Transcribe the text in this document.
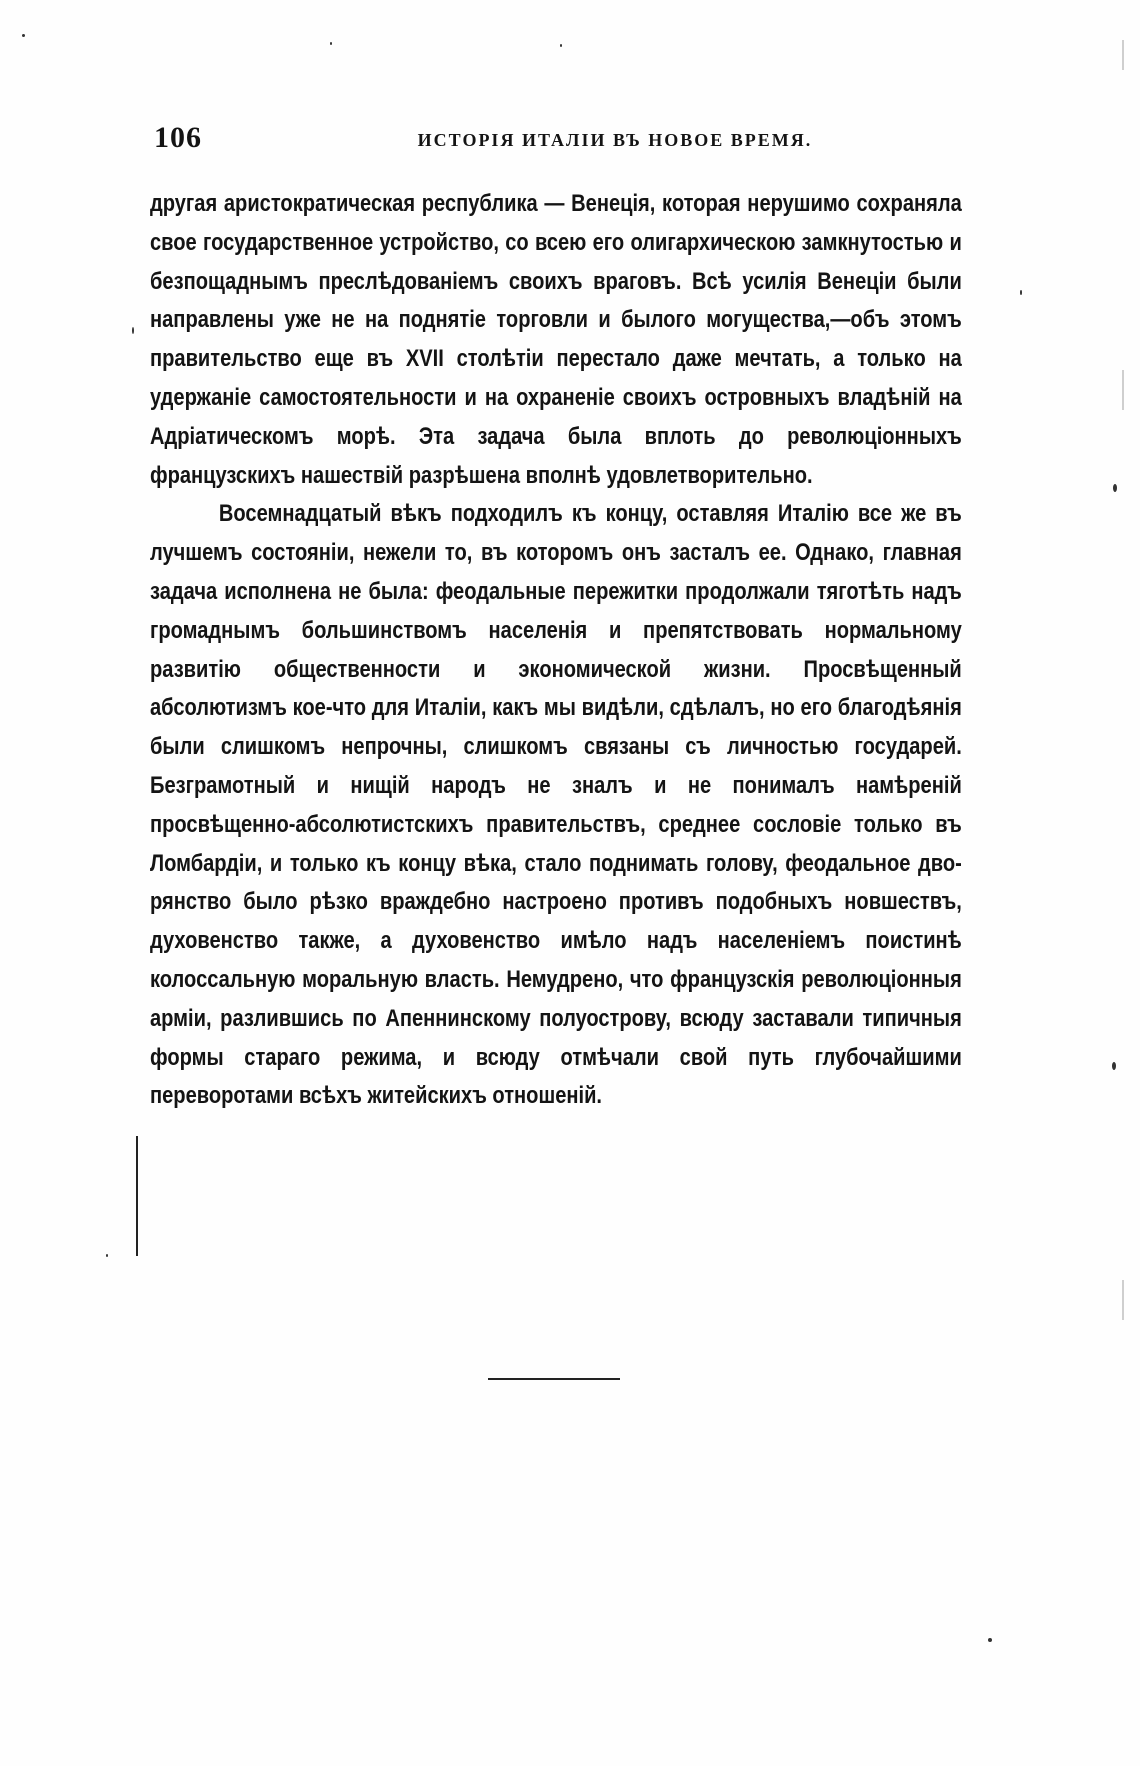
106	ИСТОРІЯ ИТАЛІИ ВЪ НОВОЕ ВРЕМЯ.

другая аристократическая республика — Венеція, которая нерушимо сохраняла свое государственное устройство, со всею его олигархическою замкнутостью и безпощаднымъ преслѣдованіемъ своихъ враговъ. Всѣ усилія Венеціи были направлены уже не на поднятіе торговли и былого могущества,—объ этомъ правительство еще въ XVII столѣтіи перестало даже мечтать, а только на удержаніе самостоятельности и на охраненіе своихъ островныхъ владѣній на Адріатическомъ морѣ. Эта задача была вплоть до революціонныхъ французскихъ нашествій разрѣшена вполнѣ удовлетворительно.

Восемнадцатый вѣкъ подходилъ къ концу, оставляя Италію все же въ лучшемъ состояніи, нежели то, въ которомъ онъ засталъ ее. Однако, главная задача исполнена не была: феодальные пережитки продолжали тяготѣть надъ громаднымъ большинствомъ населенія и препятствовать нормальному развитію общественности и экономической жизни. Просвѣщенный абсолютизмъ кое-что для Италіи, какъ мы видѣли, сдѣлалъ, но его благодѣянія были слишкомъ непрочны, слишкомъ связаны съ личностью государей. Безграмотный и нищій народъ не зналъ и не понималъ намѣреній просвѣщенно-абсолютистскихъ правительствъ, среднее сословіе только въ Ломбардіи, и только къ концу вѣка, стало поднимать голову, феодальное дворянство было рѣзко враждебно настроено противъ подобныхъ новшествъ, духовенство также, а духовенство имѣло надъ населеніемъ поистинѣ колоссальную моральную власть. Немудрено, что французскія революціонныя арміи, разлившись по Апеннинскому полуострову, всюду заставали типичныя формы стараго режима, и всюду отмѣчали свой путь глубочайшими переворотами всѣхъ житейскихъ отношеній.
